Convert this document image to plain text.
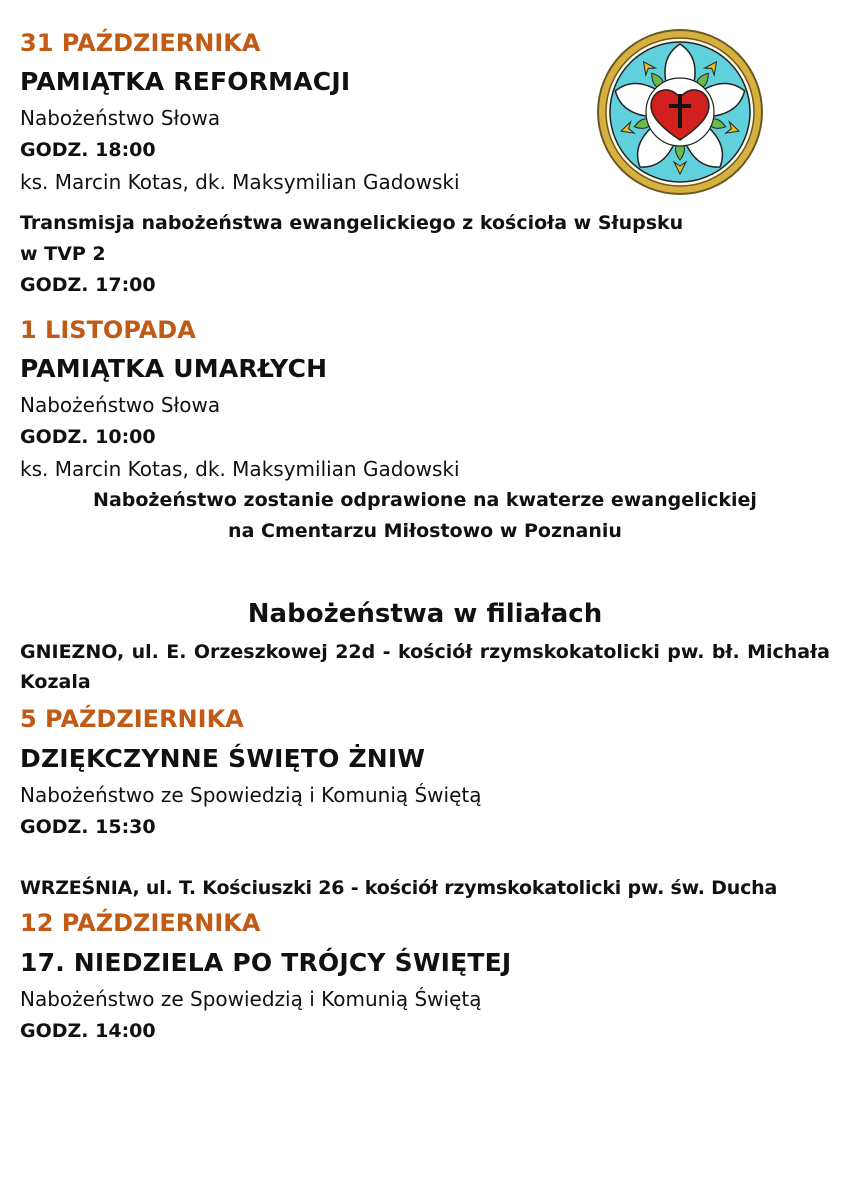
31 PAŹDZIERNIKA
PAMIĄTKA REFORMACJI
Nabożeństwo Słowa
GODZ. 18:00
ks. Marcin Kotas, dk. Maksymilian Gadowski
Transmisja nabożeństwa ewangelickiego z kościoła w Słupsku
w TVP 2
GODZ. 17:00
1 LISTOPADA
PAMIĄTKA UMARŁYCH
Nabożeństwo Słowa
GODZ. 10:00
ks. Marcin Kotas, dk. Maksymilian Gadowski
Nabożeństwo zostanie odprawione na kwaterze ewangelickiej
na Cmentarzu Miłostowo w Poznaniu
Nabożeństwa w filiałach
GNIEZNO, ul. E. Orzeszkowej 22d - kościół rzymskokatolicki pw. bł. Michała Kozala
5 PAŹDZIERNIKA
DZIĘKCZYNNE ŚWIĘTO ŻNIW
Nabożeństwo ze Spowiedzią i Komunią Świętą
GODZ. 15:30
WRZEŚNIA, ul. T. Kościuszki 26 - kościół rzymskokatolicki pw. św. Ducha
12 PAŹDZIERNIKA
17. NIEDZIELA PO TRÓJCY ŚWIĘTEJ
Nabożeństwo ze Spowiedzią i Komunią Świętą
GODZ. 14:00
